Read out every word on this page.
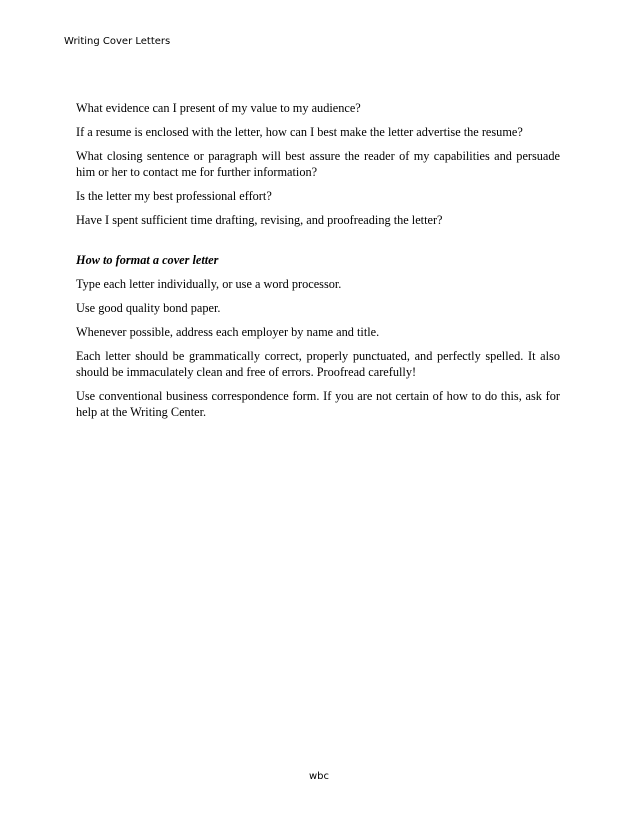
Writing Cover Letters

What evidence can I present of my value to my audience?

If a resume is enclosed with the letter, how can I best make the letter advertise the resume?

What closing sentence or paragraph will best assure the reader of my capabilities and persuade him or her to contact me for further information?

Is the letter my best professional effort?

Have I spent sufficient time drafting, revising, and proofreading the letter?

How to format a cover letter

Type each letter individually, or use a word processor.

Use good quality bond paper.

Whenever possible, address each employer by name and title.

Each letter should be grammatically correct, properly punctuated, and perfectly spelled. It also should be immaculately clean and free of errors. Proofread carefully!

Use conventional business correspondence form. If you are not certain of how to do this, ask for help at the Writing Center.

wbc
